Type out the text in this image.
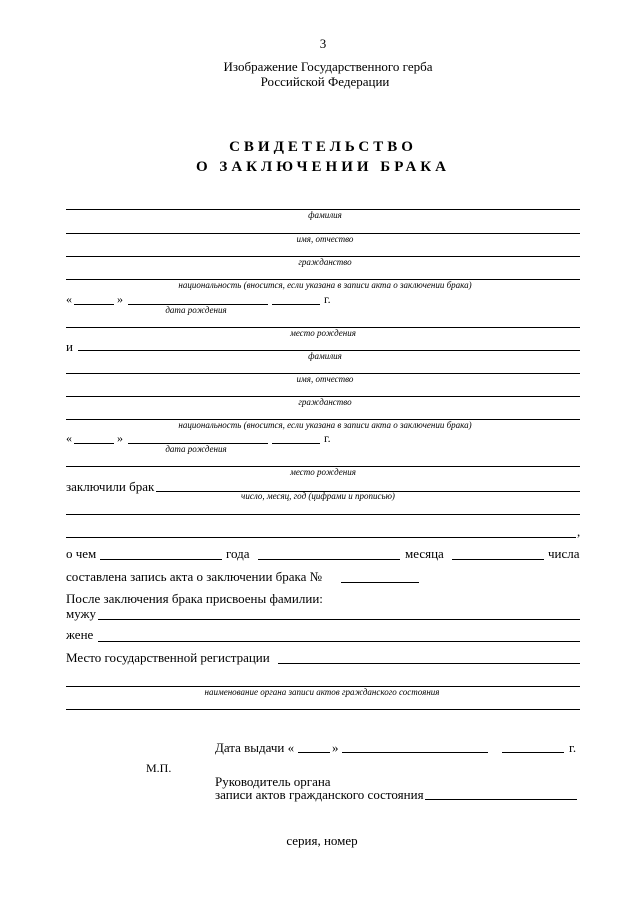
3
Изображение Государственного герба
Российской Федерации
СВИДЕТЕЛЬСТВО
О ЗАКЛЮЧЕНИИ БРАКА
фамилия
имя, отчество
гражданство
национальность (вносится, если указана в записи акта о заключении брака)
«	»	г.
дата рождения
место рождения
и
фамилия
имя, отчество
гражданство
национальность (вносится, если указана в записи акта о заключении брака)
«	»	г.
дата рождения
место рождения
заключили брак
число, месяц, год (цифрами и прописью)
,
о чем	года	месяца	числа
составлена запись акта о заключении брака №
После заключения брака присвоены фамилии:
мужу
жене
Место государственной регистрации
наименование органа записи актов гражданского состояния
Дата выдачи «	»	г.
М.П.
Руководитель органа
записи актов гражданского состояния
серия, номер
